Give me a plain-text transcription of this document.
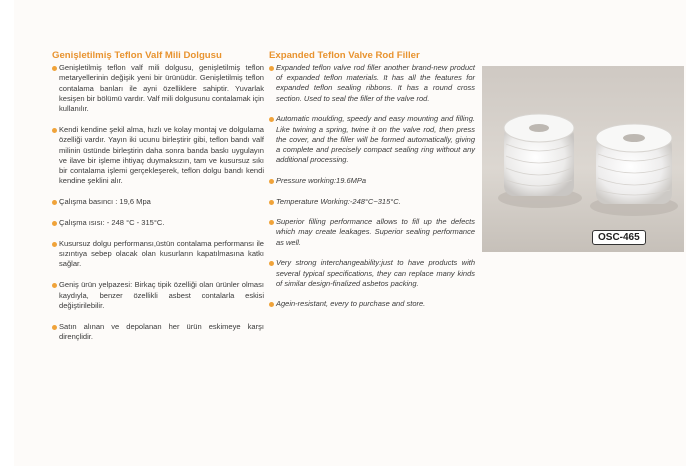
Genişletilmiş Teflon Valf Mili Dolgusu
Genişletilmiş teflon valf mili dolgusu, genişletilmiş teflon metaryellerinin değişik yeni bir ürünüdür. Genişletilmiş teflon contalama banları ile ayni özelliklere sahiptir. Yuvarlak kesişen bir bölümü vardır. Valf mili dolgusunu contalamak için kullanılır.
Kendi kendine şekil alma, hızlı ve kolay montaj ve dolgulama özelliği vardır. Yayın iki ucunu birleştirir gibi, teflon bandı valf milinin üstünde birleştirin daha sonra banda baskı uygulayın ve ilave bir işleme ihtiyaç duymaksızın, tam ve kusursuz sıkı bir contalama işlemi gerçekleşerek, teflon dolgu bandı kendi kendine şeklini alır.
Çalışma basıncı : 19,6 Mpa
Çalışma ısısı: - 248 °C - 315°C.
Kusursuz dolgu performansı,üstün contalama performansı ile sızıntıya sebep olacak olan kusurların kapatılmasına katkı sağlar.
Geniş ürün yelpazesi: Birkaç tipik özelliği olan ürünler olması kaydıyla, benzer özellikli asbest contalarla eskisi değiştirilebilir.
Satın alınan ve depolanan her ürün eskimeye karşı dirençlidir.
Expanded Teflon Valve Rod Filler
Expanded teflon valve rod filler another brand-new product of expanded teflon materials. It has all the features for expanded teflon sealing ribbons. It has a round cross section. Used to seal the filler of the valve rod.
Automatic moulding, speedy and easy mounting and filling. Like twining a spring, twine it on the valve rod, then press the cover, and the filler will be formed automatically, giving a complete and precisely compact sealing ring without any additional processing.
Pressure working:19.6MPa
Temperature Working:-248°C~315°C.
Superior filling performance allows to fill up the defects which may create leakages. Superior sealing performance as well.
Very strong interchangeability:just to have products with several typical specifications, they can replace many kinds of similar design-finalized asbetos packing.
Agein-resistant, every to purchase and store.
OSC-465
